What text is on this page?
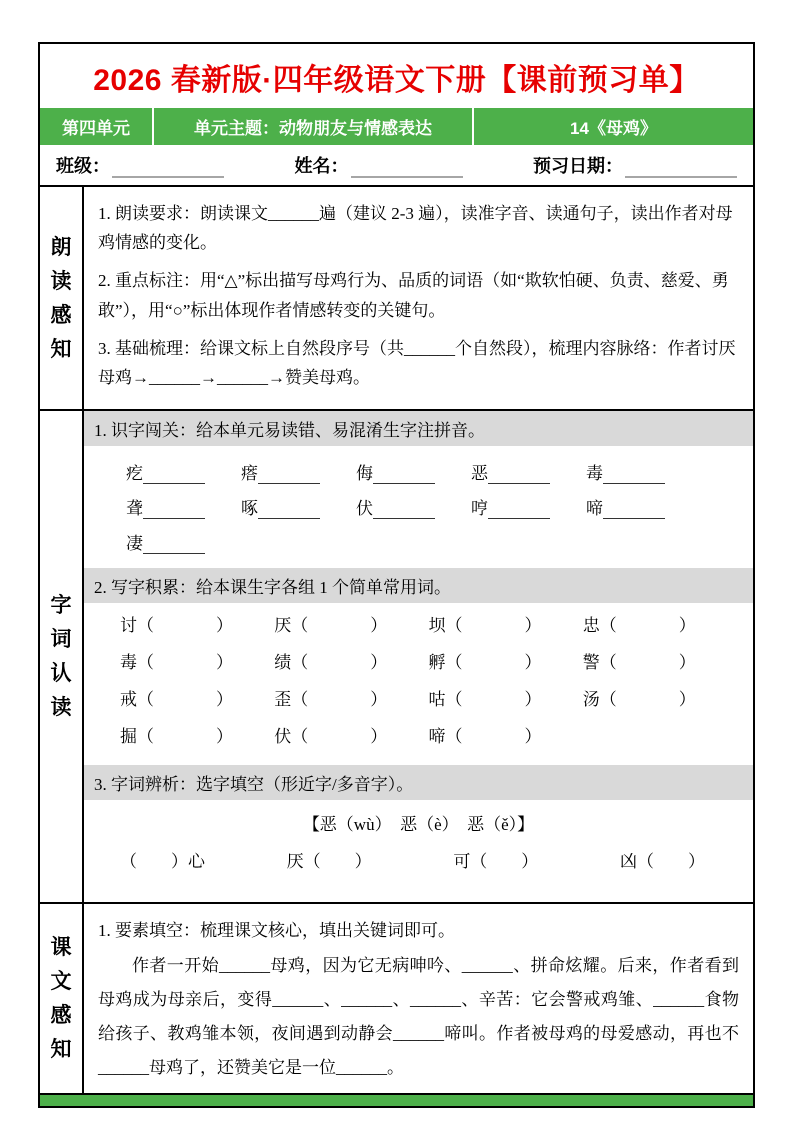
2026 春新版·四年级语文下册【课前预习单】
第四单元	单元主题：动物朋友与情感表达	14《母鸡》
班级：	姓名：	预习日期：
朗
读
感
知

1. 朗读要求：朗读课文______遍（建议 2-3 遍），读准字音、读通句子，读出作者对母鸡情感的变化。

2. 重点标注：用“△”标出描写母鸡行为、品质的词语（如“欺软怕硬、负责、慈爱、勇敢”），用“○”标出体现作者情感转变的关键句。

3. 基础梳理：给课文标上自然段序号（共______个自然段），梳理内容脉络：作者讨厌母鸡→______→______→赞美母鸡。

字
词
认
读
1. 识字闯关：给本单元易读错、易混淆生字注拼音。
疙	瘩	侮	恶	毒
聋	啄	伏	哼	啼
凄
2. 写字积累：给本课生字各组 1 个简单常用词。
讨 （	） 厌 （	） 坝 （	） 忠 （	）
毒 （	） 绩 （	） 孵 （	） 警 （	）
戒 （	） 歪 （	） 咕 （	） 汤 （	）
掘 （	） 伏 （	） 啼 （	）
3. 字词辨析：选字填空（形近字/多音字）。
【恶（wù）　恶（è）　恶（ě）】
（　　）心	厌（　　）	可（　　）	凶（　　）
课
文
感
知

1. 要素填空：梳理课文核心，填出关键词即可。

作者一开始______母鸡，因为它无病呻吟、______、拼命炫耀。后来，作者看到母鸡成为母亲后，变得______、______、______、辛苦：它会警戒鸡雏、______食物给孩子、教鸡雏本领，夜间遇到动静会______啼叫。作者被母鸡的母爱感动，再也不______母鸡了，还赞美它是一位______。
